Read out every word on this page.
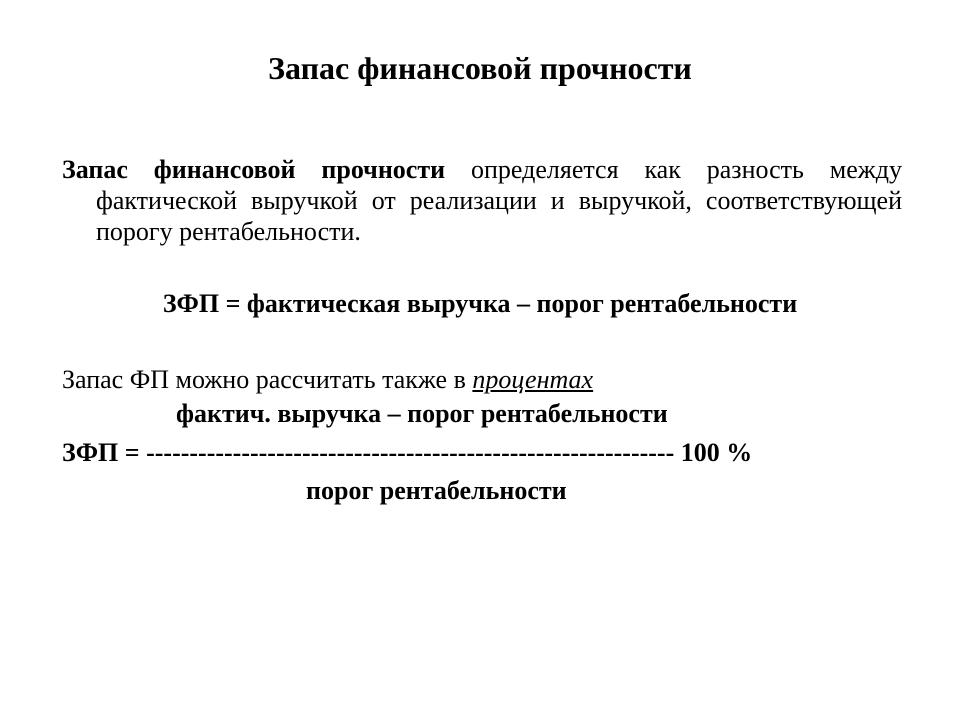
Запас финансовой прочности
Запас финансовой прочности определяется как разность между фактической выручкой от реализации и выручкой, соответствующей порогу рентабельности.
ЗФП = фактическая выручка – порог рентабельности
Запас ФП можно рассчитать также в процентах
фактич. выручка – порог рентабельности
ЗФП = ------------------------------------------------------------- 100 %
порог рентабельности
